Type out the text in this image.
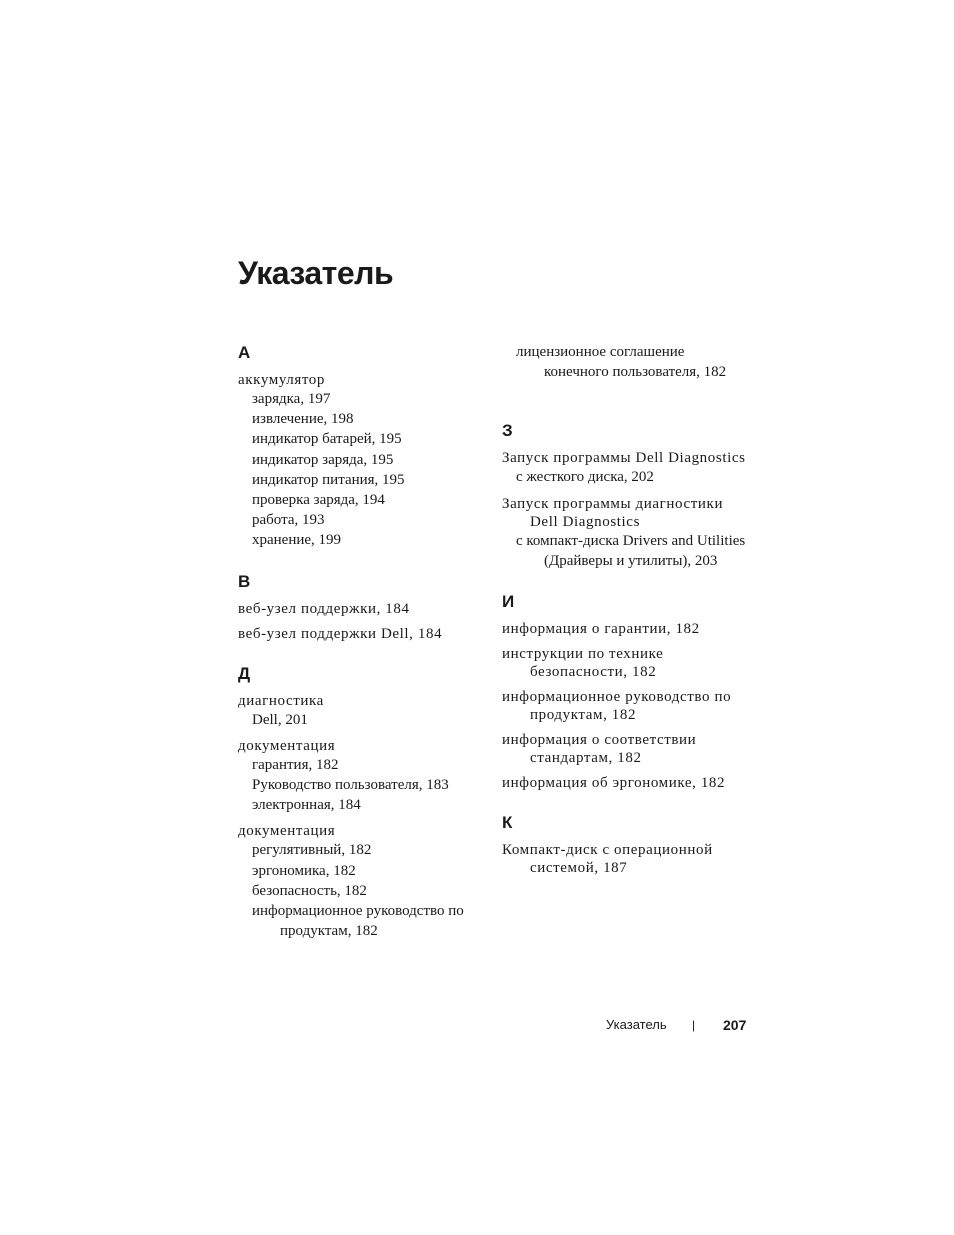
Указатель
A
аккумулятор
зарядка, 197
извлечение, 198
индикатор батарей, 195
индикатор заряда, 195
индикатор питания, 195
проверка заряда, 194
работа, 193
хранение, 199
B
веб-узел поддержки, 184
веб-узел поддержки Dell, 184
Д
диагностика
Dell, 201
документация
гарантия, 182
Руководство пользователя, 183
электронная, 184
документация
регулятивный, 182
эргономика, 182
безопасность, 182
информационное руководство по продуктам, 182
лицензионное соглашение конечного пользователя, 182
З
Запуск программы Dell Diagnostics
с жесткого диска, 202
Запуск программы диагностики Dell Diagnostics
с компакт-диска Drivers and Utilities (Драйверы и утилиты), 203
И
информация о гарантии, 182
инструкции по технике безопасности, 182
информационное руководство по продуктам, 182
информация о соответствии стандартам, 182
информация об эргономике, 182
К
Компакт-диск с операционной системой, 187
Указатель | 207
